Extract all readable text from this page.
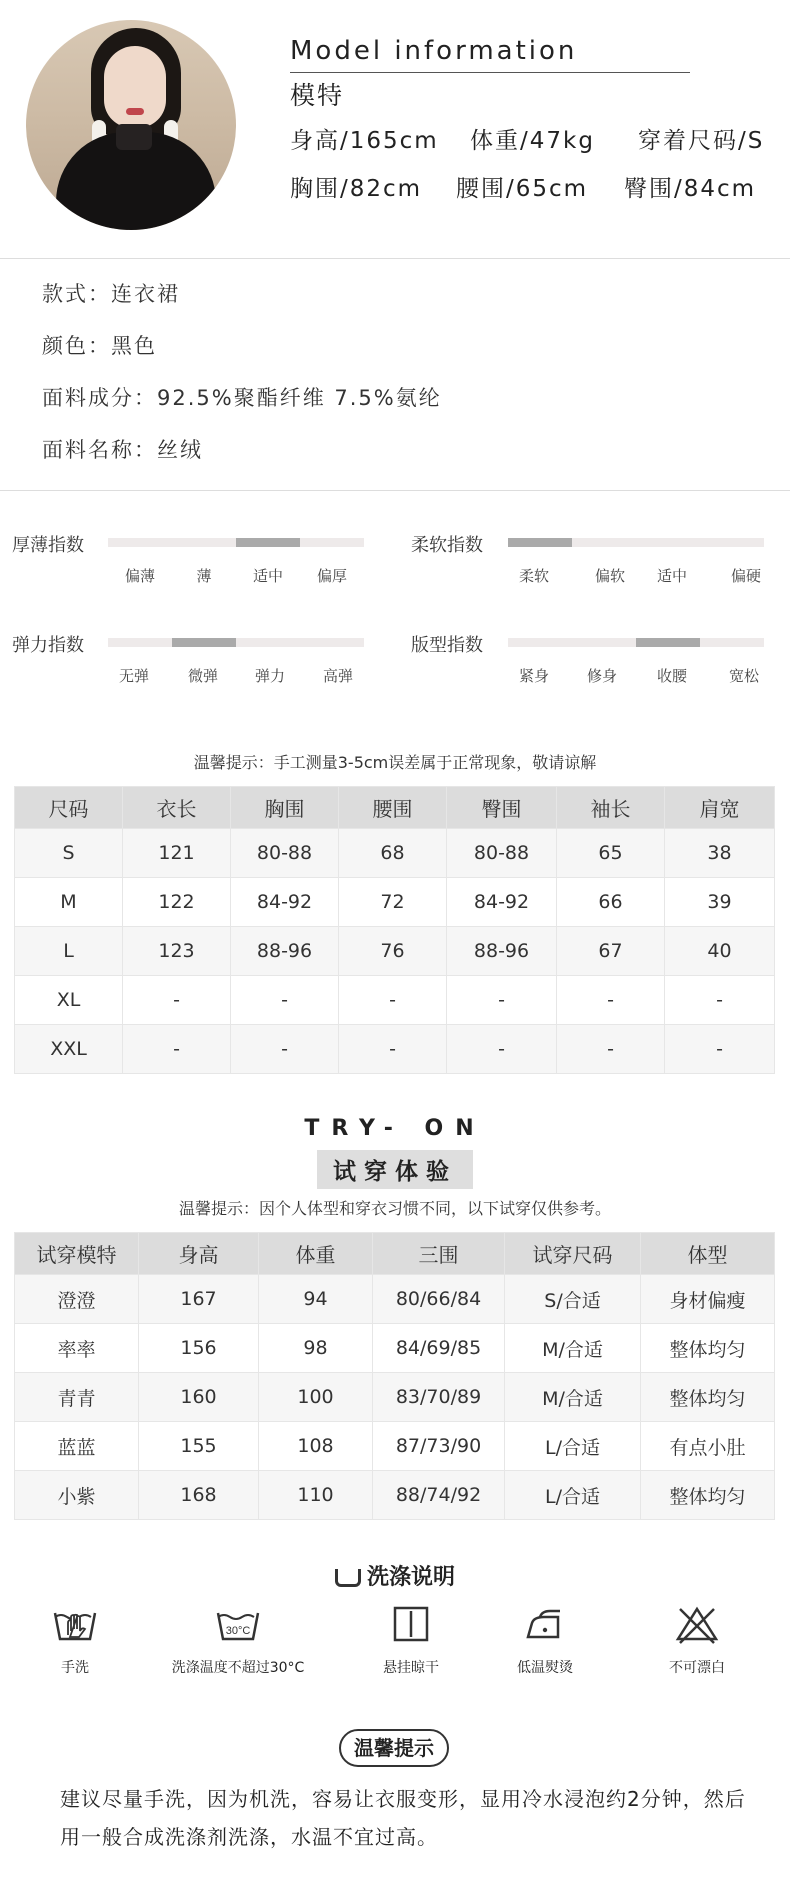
Model information
模特
身高/165cm 体重/47kg 穿着尺码/S
胸围/82cm 腰围/65cm 臀围/84cm
款式：连衣裙
颜色：黑色
面料成分：92.5%聚酯纤维 7.5%氨纶
面料名称：丝绒
厚薄指数
偏薄	薄	适中	偏厚
柔软指数
柔软	偏软	适中	偏硬
弹力指数
无弹	微弹	弹力	高弹
版型指数
紧身	修身	收腰	宽松
温馨提示：手工测量3-5cm误差属于正常现象，敬请谅解
尺码	衣长	胸围	腰围	臀围	袖长	肩宽
S	121	80-88	68	80-88	65	38
M	122	84-92	72	84-92	66	39
L	123	88-96	76	88-96	67	40
XL	-	-	-	-	-	-
XXL	-	-	-	-	-	-
TRY- ON
试穿体验
温馨提示：因个人体型和穿衣习惯不同，以下试穿仅供参考。
试穿模特	身高	体重	三围	试穿尺码	体型
澄澄	167	94	80/66/84	S/合适	身材偏瘦
率率	156	98	84/69/85	M/合适	整体均匀
青青	160	100	83/70/89	M/合适	整体均匀
蓝蓝	155	108	87/73/90	L/合适	有点小肚
小紫	168	110	88/74/92	L/合适	整体均匀
洗涤说明
手洗
30°C
洗涤温度不超过30°C	悬挂晾干	低温熨烫	不可漂白
温馨提示
建议尽量手洗，因为机洗，容易让衣服变形，显用冷水浸泡约2分钟，然后
用一般合成洗涤剂洗涤，水温不宜过高。
